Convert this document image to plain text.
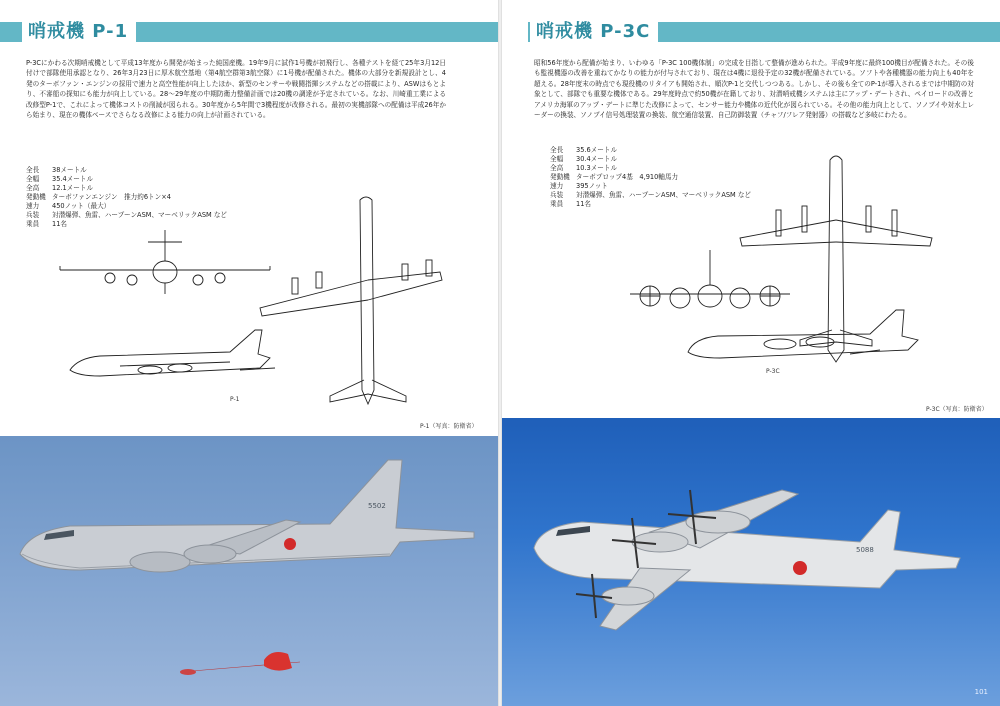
哨戒機 P-1
P-3Cにかわる次期哨戒機として平成13年度から開発が始まった純国産機。19年9月に試作1号機が初飛行し、各種テストを経て25年3月12日付けで部隊使用承認となり、26年3月23日に厚木航空基地（第4航空群第3航空隊）に1号機が配備された。機体の大部分を新規設計とし、4発のターボファン・エンジンの採用で速力と高空性能が向上したほか、新型のセンサーや戦闘指揮システムなどの搭載により、ASWはもとより、不審船の探知にも能力が向上している。28～29年度の中期防衛力整備計画では20機の調達が予定されている。なお、川崎重工業による改修型P-1で、これによって機体コストの削減が図られる。30年度から5年間で3機程度が改修される。最初の実機部隊への配備は平成26年から始まり、現在の機体ベースでさらなる改修による能力の向上が計画されている。
全長 38メートル
全幅 35.4メートル
全高 12.1メートル
発動機 ターボファンエンジン　推力約6トン×4
速力 450ノット（最大）
兵装 対潜爆弾、魚雷、ハープーンASM、マーベリックASM など
乗員 11名
P-1
P-1（写真：防衛省）
5502
哨戒機 P-3C
昭和56年度から配備が始まり、いわゆる「P-3C 100機体制」の完成を目指して整備が進められた。平成9年度に最終100機目が配備された。その後も監視機器の改善を重ねてかなりの能力が付与されており、現在は4機に退役予定の32機が配備されている。ソフトや各種機器の能力向上も40年を超える。28年度末の時点でも現役機のリタイアも開始され、順次P-1と交代しつつある。しかし、その後も全てのP-1が導入されるまでは中期防の対象として、部隊でも重要な機体である。29年度時点で約50機が在籍しており、対潜哨戒機システムは主にアップ・デートされ、ペイロードの改善とアメリカ海軍のアップ・デートに準じた改修によって、センサー能力や機体の近代化が図られている。その他の能力向上として、ソノブイや対水上レーダーの換装、ソノブイ信号処理装置の換装、航空通信装置、自己防御装置（チャフ/フレア発射器）の搭載など多岐にわたる。
全長 35.6メートル
全幅 30.4メートル
全高 10.3メートル
発動機 ターボプロップ4基　4,910軸馬力
速力 395ノット
兵装 対潜爆弾、魚雷、ハープーンASM、マーベリックASM など
乗員 11名
P-3C
P-3C（写真：防衛省）
5088
101
